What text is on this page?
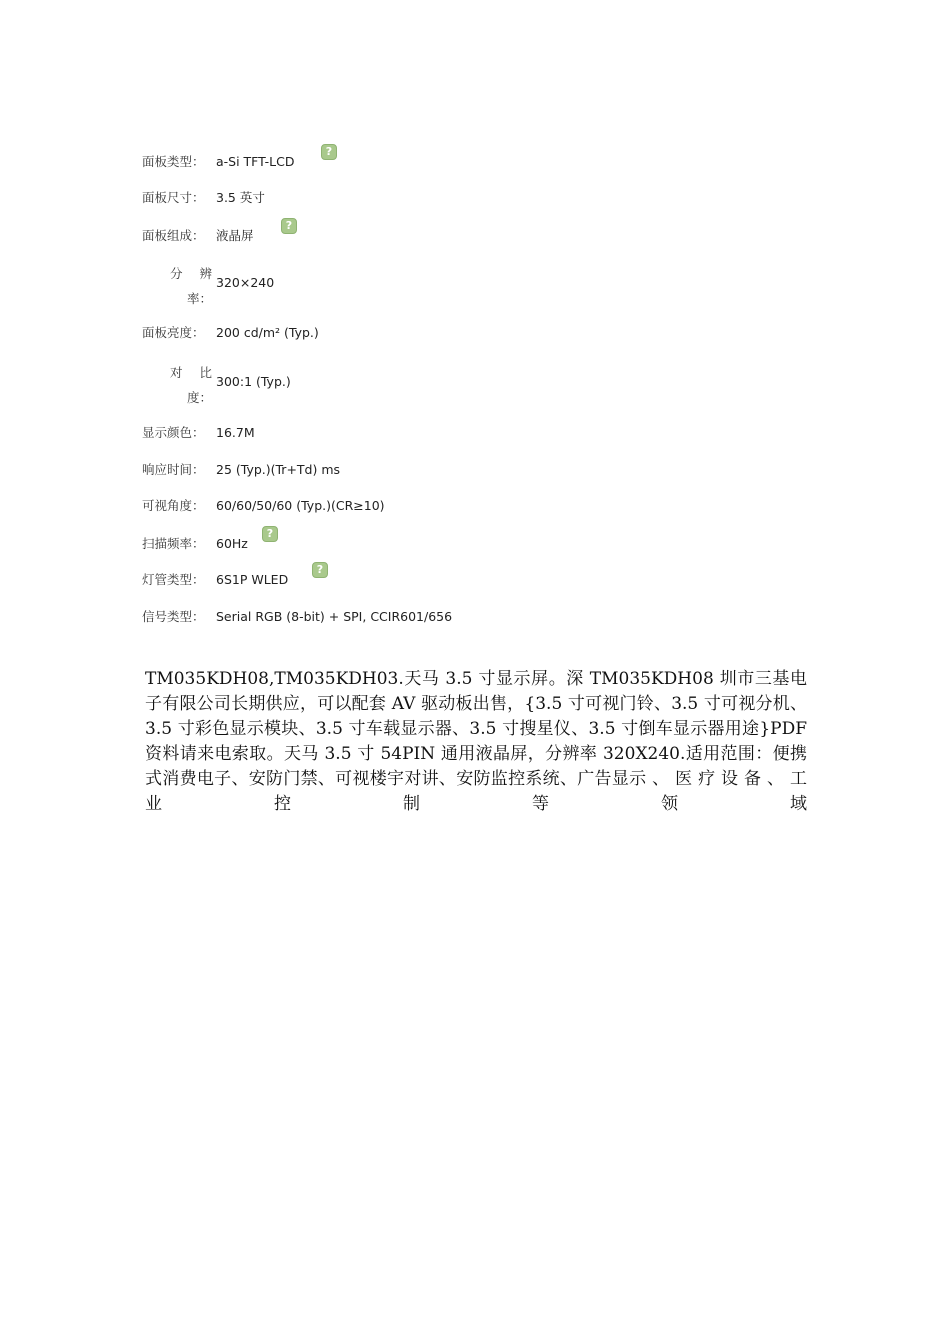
面板类型： a-Si TFT-LCD
?
面板尺寸： 3.5 英寸
面板组成： 液晶屏
?
分 辨
率：
320×240
面板亮度： 200 cd/m² (Typ.)
对 比
度：
300:1 (Typ.)
显示颜色： 16.7M
响应时间： 25 (Typ.)(Tr+Td) ms
可视角度： 60/60/50/60 (Typ.)(CR≥10)
扫描频率： 60Hz
?
灯管类型： 6S1P WLED
?
信号类型： Serial RGB (8-bit) + SPI, CCIR601/656

TM035KDH08,TM035KDH03.天马 3.5 寸显示屏。深 TM035KDH08 圳市三基电子有限公司长期供应，可以配套 AV 驱动板出售，{3.5 寸可视门铃、3.5 寸可视分机、3.5 寸彩色显示模块、3.5 寸车载显示器、3.5 寸搜星仪、3.5 寸倒车显示器用途}PDF 资料请来电索取。天马 3.5 寸 54PIN 通用液晶屏，分辨率 320X240.适用范围：便携式消费电子、安防门禁、可视楼宇对讲、安防监控系统、广告显示 、 医 疗 设 备 、 工 业 控 制 等 领 域
